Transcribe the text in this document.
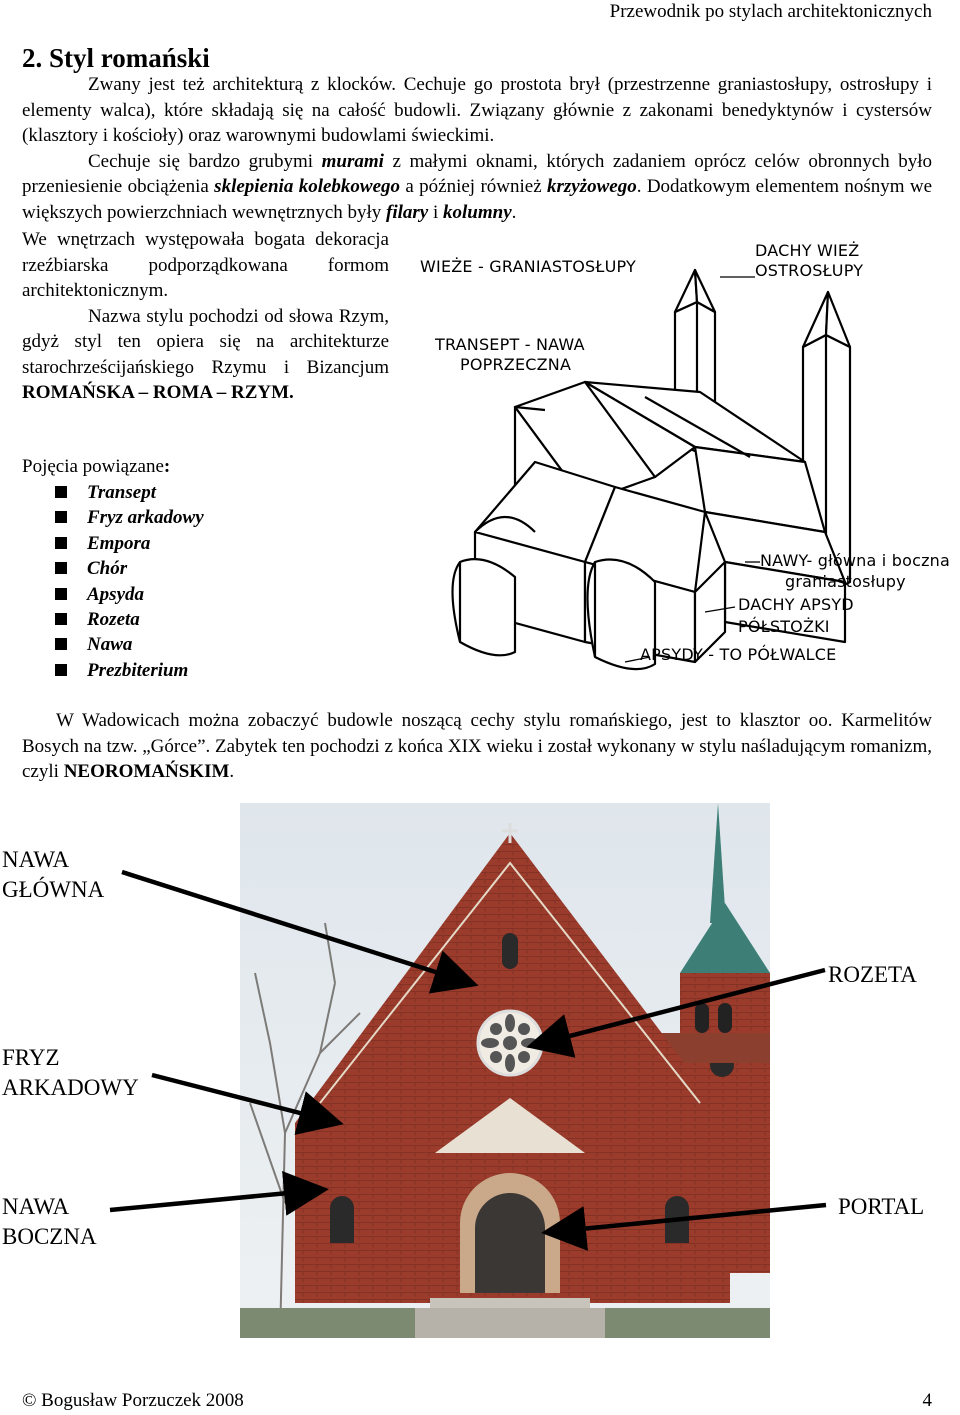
Przewodnik po stylach architektonicznych
2. Styl romański

Zwany jest też architekturą z klocków. Cechuje go prostota brył (przestrzenne graniastosłupy, ostrosłupy i elementy walca), które składają się na całość budowli. Związany głównie z zakonami benedyktynów i cystersów (klasztory i kościoły) oraz warownymi budowlami świeckimi.

Cechuje się bardzo grubymi murami z małymi oknami, których zadaniem oprócz celów obronnych było przeniesienie obciążenia sklepienia kolebkowego a później również krzyżowego. Dodatkowym elementem nośnym we większych powierzchniach wewnętrznych były filary i kolumny.

We wnętrzach występowała bogata dekoracja rzeźbiarska podporządkowana formom architektonicznym.

Nazwa stylu pochodzi od słowa Rzym, gdyż styl ten opiera się na architekturze starochrześcijańskiego Rzymu i Bizancjum ROMAŃSKA – ROMA – RZYM.

Pojęcia powiązane:
Transept
Fryz arkadowy
Empora
Chór
Apsyda
Rozeta
Nawa
Prezbiterium
WIEŻE - GRANIASTOSŁUPY
DACHY WIEŻ
OSTROSŁUPY
TRANSEPT - NAWA
POPRZECZNA
NAWY- główna i boczna
graniastosłupy
DACHY APSYD
PÓŁSTOŻKI
APSYDY - TO PÓŁWALCE

W Wadowicach można zobaczyć budowle noszącą cechy stylu romańskiego, jest to klasztor oo. Karmelitów Bosych na tzw. „Górce”. Zabytek ten pochodzi z końca XIX wieku i został wykonany w stylu naśladującym romanizm, czyli NEOROMAŃSKIM.

NAWA
GŁÓWNA
ROZETA
FRYZ
ARKADOWY
NAWA
BOCZNA
PORTAL
© Bogusław Porzuczek 2008	4
